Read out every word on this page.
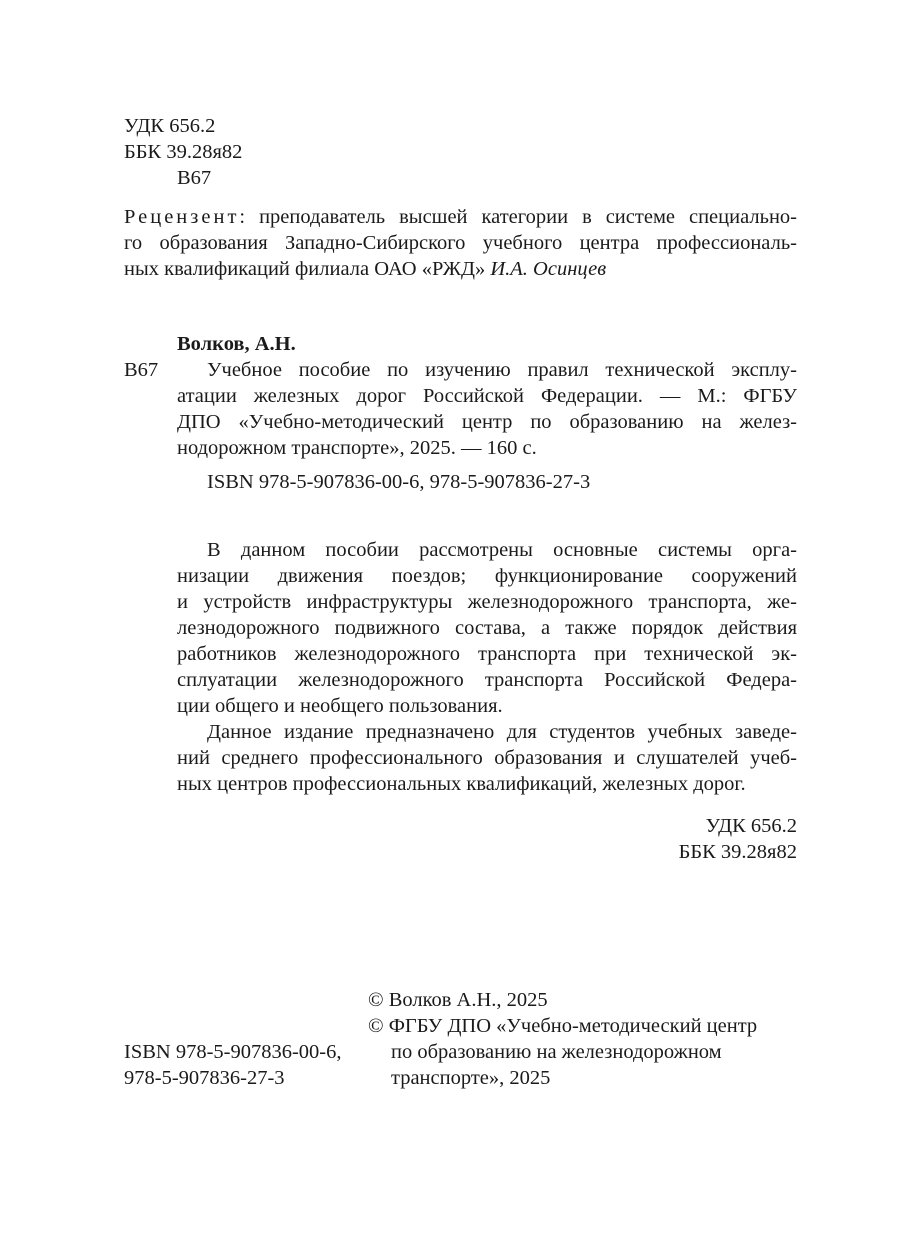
УДК 656.2
ББК 39.28я82
В67
Рецензент: преподаватель высшей категории в системе специально-
го образования Западно-Сибирского учебного центра профессиональ-
ных квалификаций филиала ОАО «РЖД» И.А. Осинцев
Волков, А.Н.
В67 Учебное пособие по изучению правил технической эксплу-
атации железных дорог Российской Федерации. — М.: ФГБУ
ДПО «Учебно-методический центр по образованию на желез-
нодорожном транспорте», 2025. — 160 с.
ISBN 978-5-907836-00-6, 978-5-907836-27-3
В данном пособии рассмотрены основные системы орга-
низации движения поездов; функционирование сооружений
и устройств инфраструктуры железнодорожного транспорта, же-
лезнодорожного подвижного состава, а также порядок действия
работников железнодорожного транспорта при технической эк-
сплуатации железнодорожного транспорта Российской Федера-
ции общего и необщего пользования.
Данное издание предназначено для студентов учебных заведе-
ний среднего профессионального образования и слушателей учеб-
ных центров профессиональных квалификаций, железных дорог.
УДК 656.2
ББК 39.28я82
© Волков А.Н., 2025
© ФГБУ ДПО «Учебно-методический центр
ISBN 978-5-907836-00-6, по образованию на железнодорожном
978-5-907836-27-3	транспорте», 2025
